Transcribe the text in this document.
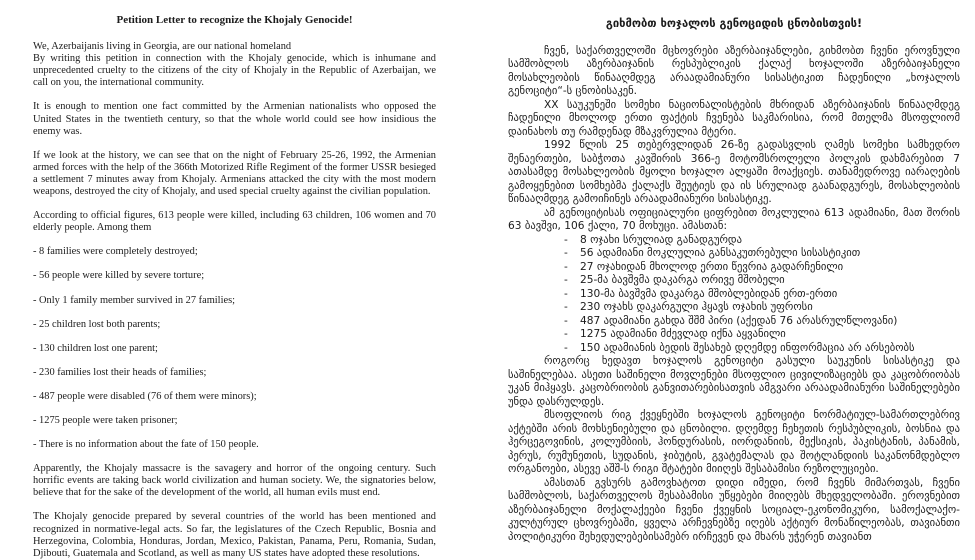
Petition Letter to recognize the Khojaly Genocide!

We, Azerbaijanis living in Georgia, are our national homeland

By writing this petition in connection with the Khojaly genocide, which is inhumane and unprecedented cruelty to the citizens of the city of Khojaly in the Republic of Azerbaijan, we call on you, the international community.

It is enough to mention one fact committed by the Armenian nationalists who opposed the United States in the twentieth century, so that the whole world could see how insidious the enemy was.

If we look at the history, we can see that on the night of February 25-26, 1992, the Armenian armed forces with the help of the 366th Motorized Rifle Regiment of the former USSR besieged a settlement 7 minutes away from Khojaly. Armenians attacked the city with the most modern weapons, destroyed the city of Khojaly, and used special cruelty against the civilian population.

According to official figures, 613 people were killed, including 63 children, 106 women and 70 elderly people. Among them

- 8 families were completely destroyed;

- 56 people were killed by severe torture;

- Only 1 family member survived in 27 families;

- 25 children lost both parents;

- 130 children lost one parent;

- 230 families lost their heads of families;

- 487 people were disabled (76 of them were minors);

- 1275 people were taken prisoner;

- There is no information about the fate of 150 people.

Apparently, the Khojaly massacre is the savagery and horror of the ongoing century. Such horrific events are taking back world civilization and human society. We, the signatories below, believe that for the sake of the development of the world, all human evils must end.

The Khojaly genocide prepared by several countries of the world has been mentioned and recognized in normative-legal acts. So far, the legislatures of the Czech Republic, Bosnia and Herzegovina, Colombia, Honduras, Jordan, Mexico, Pakistan, Panama, Peru, Romania, Sudan, Djibouti, Guatemala and Scotland, as well as many US states have adopted these resolutions.

გიხმობთ ხოჯალოს გენოციდის ცნობისთვის!

ჩვენ, საქართველოში მცხოვრები აზერბაიჯანლები, გიხმობთ ჩვენი ეროვნული სამშობლოს აზერბაიჯანის რესპუბლიკის ქალაქ ხოჯალოში აზერბაიჯანელი მოსახლეობის წინააღმდეგ არაადამიანური სისასტიკით ჩადენილი „ხოჯალოს გენოციტი“-ს ცნობისაკენ.

XX საუკუნეში სომეხი ნაციონალისტების მხრიდან აზერბაიჯანის წინააღმდეგ ჩადენილი მხოლოდ ერთი ფაქტის ჩვენება საკმარისია, რომ მთელმა მსოფლიომ დაინახოს თუ რამდენად მზაკვრულია მტერი.

1992 წლის 25 თებერვლიდან 26-ზე გადასვლის ღამეს სომეხი სამხედრო შენაერთები, საბჭოთა კავშირის 366-ე მოტომსროლელი პოლკის დახმარებით 7 ათასამდე მოსახლეობის მყოლი ხოჯალო ალყაში მოაქციეს. თანამედროვე იარაღების გამოყენებით სომხებმა ქალაქს შეუტიეს და ის სრულიად გაანადგურეს, მოსახლეობის წინააღმდეგ გამოიჩინეს არაადამიანური სისასტიკე.

ამ გენოციტისას ოფიციალური ციფრებით მოკლულია 613 ადამიანი, მათ შორის 63 ბავშვი, 106 ქალი, 70 მოხუცი. ამასთან:

-	8 ოჯახი სრულიად განადგურდა
-	56 ადამიანი მოკლულია განსაკუთრებული სისასტიკით
-	27 ოჯახიდან მხოლოდ ერთი წევრია გადარჩენილი
-	25-მა ბავშვმა დაკარგა ორივე მშობელი
-	130-მა ბავშვმა დაკარგა მშობლებიდან ერთ-ერთი
-	230 ოჯახს დაკარგული ჰყავს ოჯახის უფროსი
-	487 ადამიანი გახდა შშმ პირი (აქედან 76 არასრულწლოვანი)
-	1275 ადამიანი მძევლად იქნა აყვანილი
-	150 ადამიანის ბედის შესახებ დღემდე ინფორმაცია არ არსებობს

როგორც ხედავთ ხოჯალოს გენოციტი გასული საუკუნის სისასტიკე და საშინელებაა. ასეთი საშინელი მოვლენები მსოფლიო ცივილიზაციებს და კაცობრიობას უკან მიჰყავს. კაცობრიობის განვითარებისათვის ამგვარი არაადამიანური საშინელებები უნდა დასრულდეს.

მსოფლიოს რიგ ქვეყნებში ხოჯალოს გენოციტი ნორმატიულ-სამართლებრივ აქტებში არის მოხსენიებული და ცნობილი. დღემდე ჩეხეთის რესპუბლიკის, ბოსნია და ჰერცეგოვინის, კოლუმბიის, ჰონდურასის, იორდანიის, მექსიკის, პაკისტანის, პანამის, პერუს, რუმუნეთის, სუდანის, ჯიბუტის, გვატემალას და შოტლანდიის საკანონმდებლო ორგანოები, ასევე აშშ-ს რიგი შტატები მიიღეს შესაბამისი რეზოლუციები.

ამასთან გვსურს გამოვხატოთ დიდი იმედი, რომ ჩვენს მიმართვას, ჩვენი სამშობლოს, საქართველოს შესაბამისი უწყებები მიიღებს მხედველობაში. ეროვნებით აზერბაიჯანელი მოქალაქეები ჩვენი ქვეყნის სოციალ-ეკონომიკური, სამოქალაქო-კულტურულ ცხოვრებაში, ყველა არჩევნებზე იღებს აქტიურ მონაწილეობას, თავიანთი პოლიტიკური შეხედულებებისამებრ ირჩევენ და მხარს უჭერენ თავიანთ
